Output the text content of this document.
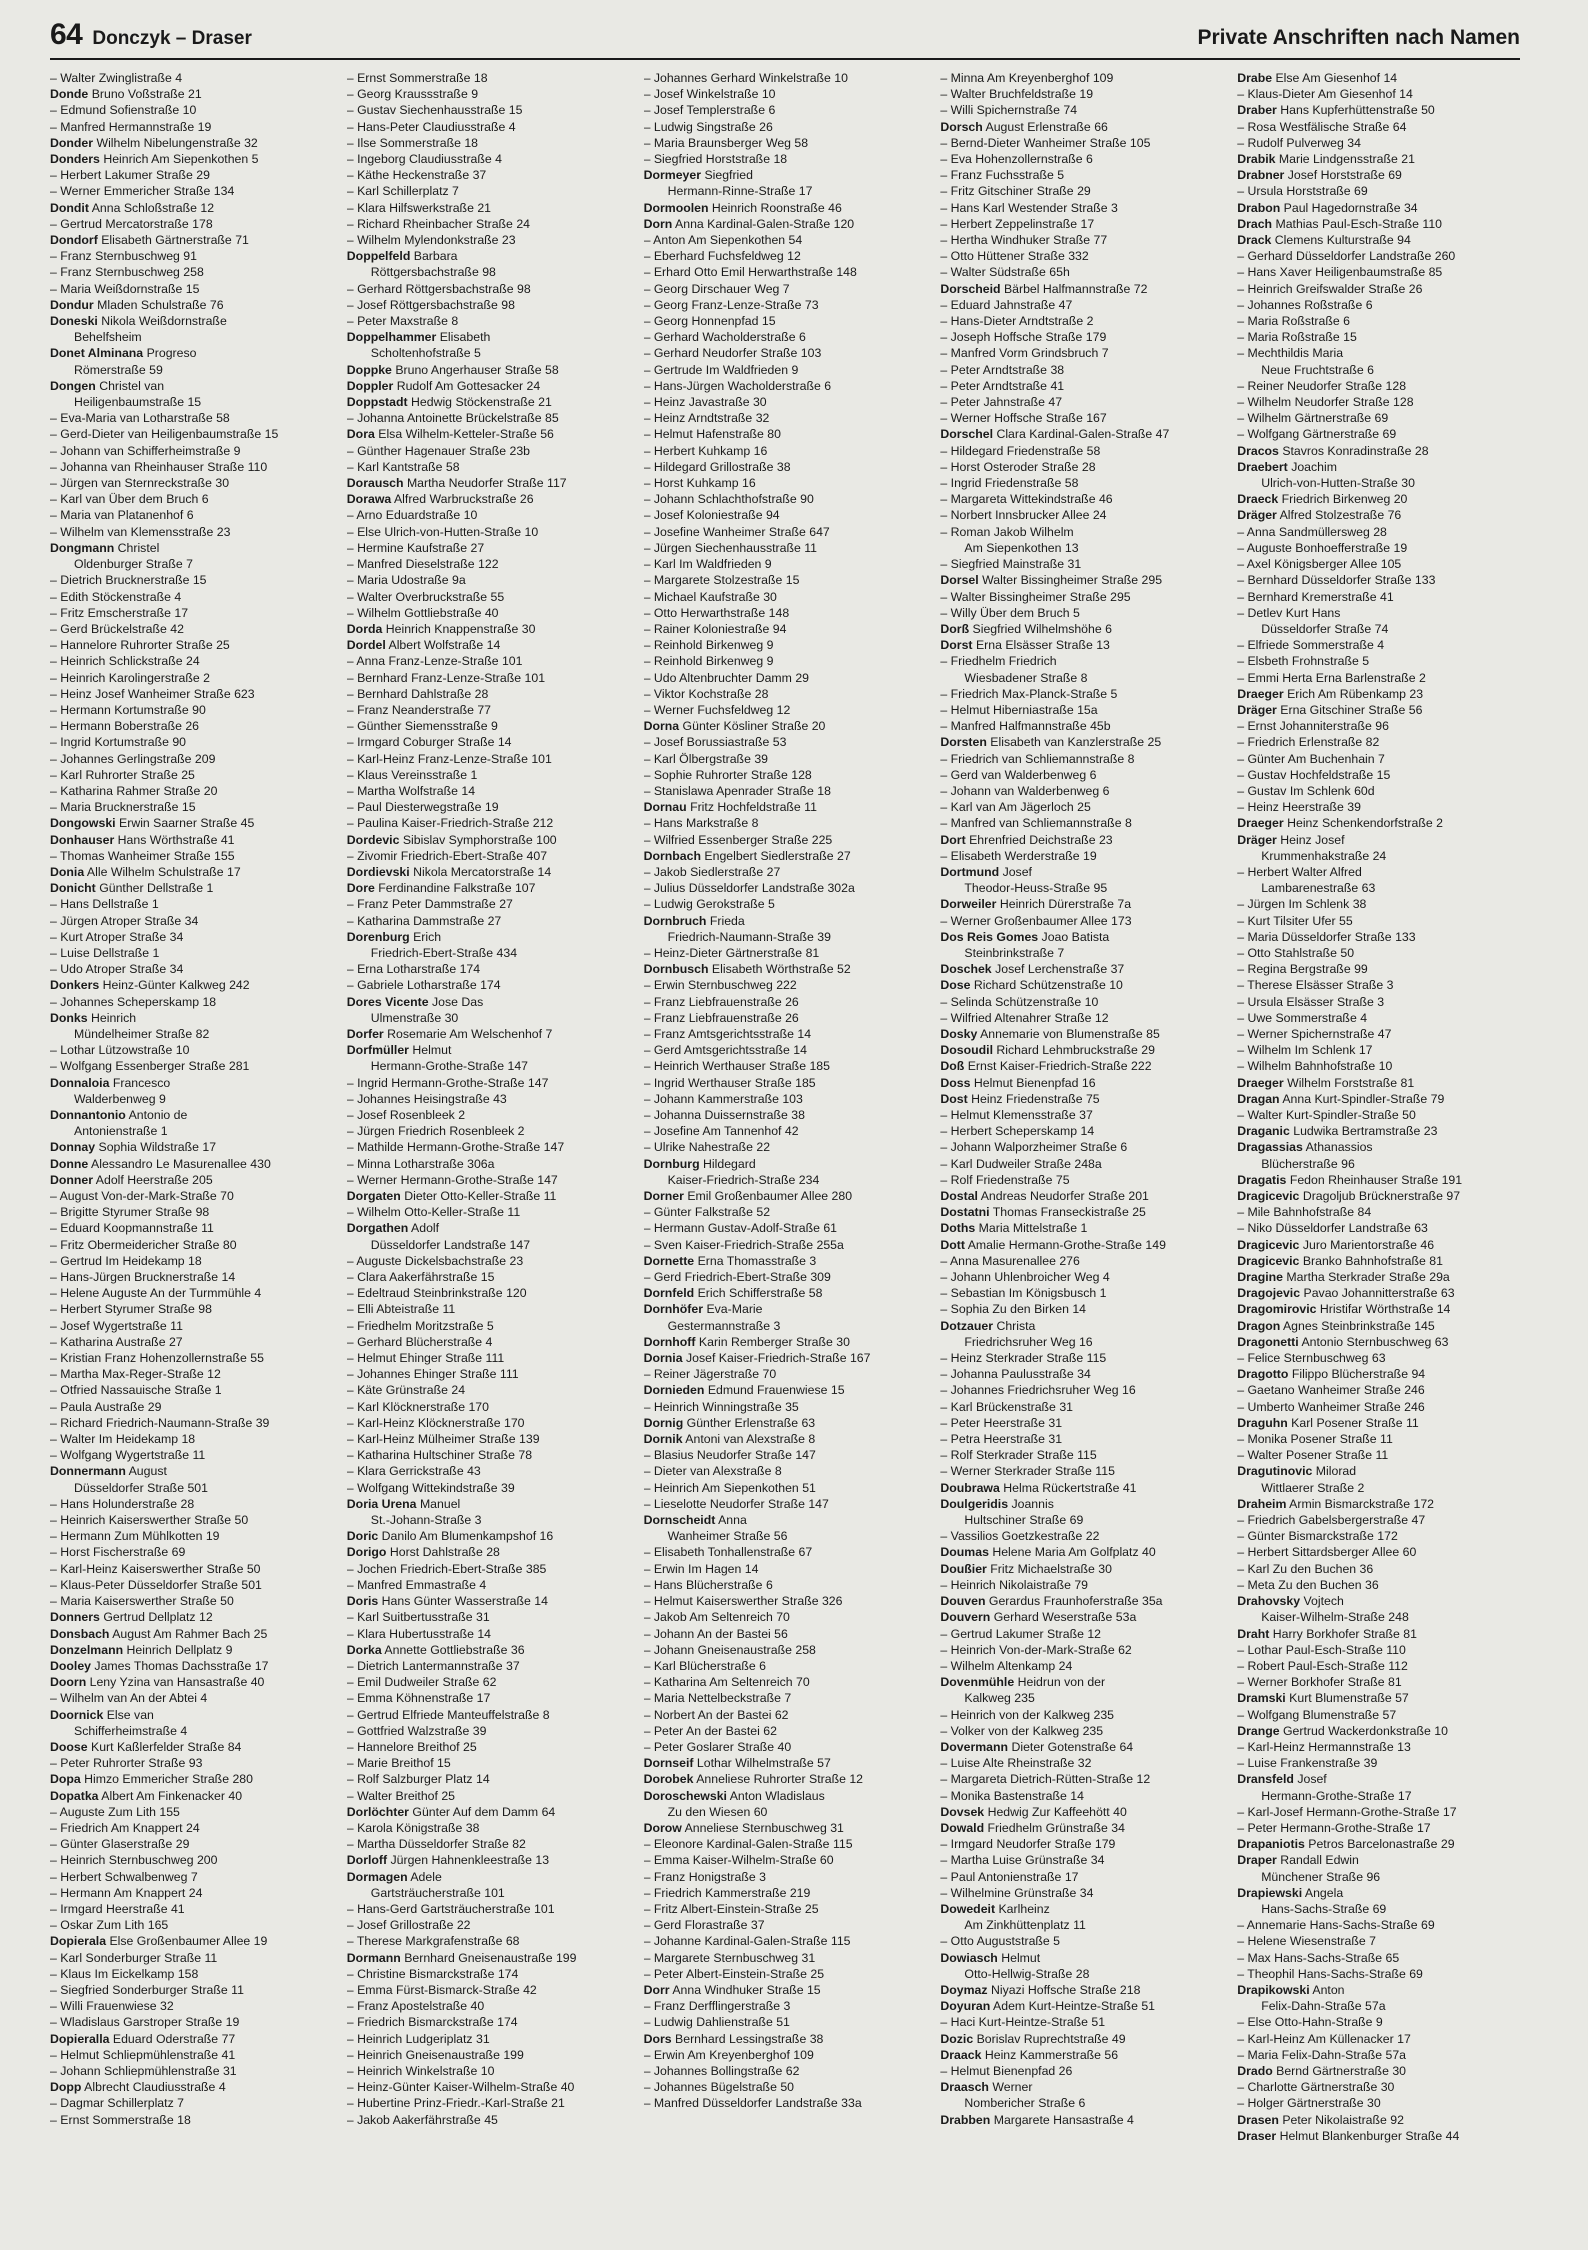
64 Donczyk – Draser	Private Anschriften nach Namen
– Walter Zwinglistraße 4
Donde Bruno Voßstraße 21
– Edmund Sofienstraße 10
– Manfred Hermannstraße 19
Donder Wilhelm Nibelungenstraße 32
Donders Heinrich Am Siepenkothen 5
– Herbert Lakumer Straße 29
– Werner Emmericher Straße 134
Dondit Anna Schloßstraße 12
– Gertrud Mercatorstraße 178
Dondorf Elisabeth Gärtnerstraße 71
– Franz Sternbuschweg 91
– Franz Sternbuschweg 258
– Maria Weißdornstraße 15
Dondur Mladen Schulstraße 76
Doneski Nikola Weißdornstraße
Behelfsheim
Donet Alminana Progreso
Römerstraße 59
Dongen Christel van
Heiligenbaumstraße 15
– Eva-Maria van Lotharstraße 58
– Gerd-Dieter van Heiligenbaumstraße 15
– Johann van Schifferheimstraße 9
– Johanna van Rheinhauser Straße 110
– Jürgen van Sternreckstraße 30
– Karl van Über dem Bruch 6
– Maria van Platanenhof 6
– Wilhelm van Klemensstraße 23
Dongmann Christel
Oldenburger Straße 7
– Dietrich Brucknerstraße 15
– Edith Stöckenstraße 4
– Fritz Emscherstraße 17
– Gerd Brückelstraße 42
– Hannelore Ruhrorter Straße 25
– Heinrich Schlickstraße 24
– Heinrich Karolingerstraße 2
– Heinz Josef Wanheimer Straße 623
– Hermann Kortumstraße 90
– Hermann Boberstraße 26
– Ingrid Kortumstraße 90
– Johannes Gerlingstraße 209
– Karl Ruhrorter Straße 25
– Katharina Rahmer Straße 20
– Maria Brucknerstraße 15
Dongowski Erwin Saarner Straße 45
Donhauser Hans Wörthstraße 41
– Thomas Wanheimer Straße 155
Donia Alle Wilhelm Schulstraße 17
Donicht Günther Dellstraße 1
– Hans Dellstraße 1
– Jürgen Atroper Straße 34
– Kurt Atroper Straße 34
– Luise Dellstraße 1
– Udo Atroper Straße 34
Donkers Heinz-Günter Kalkweg 242
– Johannes Scheperskamp 18
Donks Heinrich
Mündelheimer Straße 82
– Lothar Lützowstraße 10
– Wolfgang Essenberger Straße 281
Donnaloia Francesco
Walderbenweg 9
Donnantonio Antonio de
Antonienstraße 1
Donnay Sophia Wildstraße 17
Donne Alessandro Le Masurenallee 430
Donner Adolf Heerstraße 205
– August Von-der-Mark-Straße 70
– Brigitte Styrumer Straße 98
– Eduard Koopmannstraße 11
– Fritz Obermeidericher Straße 80
– Gertrud Im Heidekamp 18
– Hans-Jürgen Brucknerstraße 14
– Helene Auguste An der Turmmühle 4
– Herbert Styrumer Straße 98
– Josef Wygertstraße 11
– Katharina Austraße 27
– Kristian Franz Hohenzollernstraße 55
– Martha Max-Reger-Straße 12
– Otfried Nassauische Straße 1
– Paula Austraße 29
– Richard Friedrich-Naumann-Straße 39
– Walter Im Heidekamp 18
– Wolfgang Wygertstraße 11
Donnermann August
Düsseldorfer Straße 501
– Hans Holunderstraße 28
– Heinrich Kaiserswerther Straße 50
– Hermann Zum Mühlkotten 19
– Horst Fischerstraße 69
– Karl-Heinz Kaiserswerther Straße 50
– Klaus-Peter Düsseldorfer Straße 501
– Maria Kaiserswerther Straße 50
Donners Gertrud Dellplatz 12
Donsbach August Am Rahmer Bach 25
Donzelmann Heinrich Dellplatz 9
Dooley James Thomas Dachsstraße 17
Doorn Leny Yzina van Hansastraße 40
– Wilhelm van An der Abtei 4
Doornick Else van
Schifferheimstraße 4
Doose Kurt Kaßlerfelder Straße 84
– Peter Ruhrorter Straße 93
Dopa Himzo Emmericher Straße 280
Dopatka Albert Am Finkenacker 40
– Auguste Zum Lith 155
– Friedrich Am Knappert 24
– Günter Glaserstraße 29
– Heinrich Sternbuschweg 200
– Herbert Schwalbenweg 7
– Hermann Am Knappert 24
– Irmgard Heerstraße 41
– Oskar Zum Lith 165
Dopierala Else Großenbaumer Allee 19
– Karl Sonderburger Straße 11
– Klaus Im Eickelkamp 158
– Siegfried Sonderburger Straße 11
– Willi Frauenwiese 32
– Wladislaus Garstroper Straße 19
Dopieralla Eduard Oderstraße 77
– Helmut Schliepmühlenstraße 41
– Johann Schliepmühlenstraße 31
Dopp Albrecht Claudiusstraße 4
– Dagmar Schillerplatz 7
– Ernst Sommerstraße 18
– Ernst Sommerstraße 18
– Georg Kraussstraße 9
– Gustav Siechenhausstraße 15
– Hans-Peter Claudiusstraße 4
– Ilse Sommerstraße 18
– Ingeborg Claudiusstraße 4
– Käthe Heckenstraße 37
– Karl Schillerplatz 7
– Klara Hilfswerkstraße 21
– Richard Rheinbacher Straße 24
– Wilhelm Mylendonkstraße 23
Doppelfeld Barbara
Röttgersbachstraße 98
– Gerhard Röttgersbachstraße 98
– Josef Röttgersbachstraße 98
– Peter Maxstraße 8
Doppelhammer Elisabeth
Scholtenhofstraße 5
Doppke Bruno Angerhauser Straße 58
Doppler Rudolf Am Gottesacker 24
Doppstadt Hedwig Stöckenstraße 21
– Johanna Antoinette Brückelstraße 85
Dora Elsa Wilhelm-Ketteler-Straße 56
– Günther Hagenauer Straße 23b
– Karl Kantstraße 58
Dorausch Martha Neudorfer Straße 117
Dorawa Alfred Warbruckstraße 26
– Arno Eduardstraße 10
– Else Ulrich-von-Hutten-Straße 10
– Hermine Kaufstraße 27
– Manfred Dieselstraße 122
– Maria Udostraße 9a
– Walter Overbruckstraße 55
– Wilhelm Gottliebstraße 40
Dorda Heinrich Knappenstraße 30
Dordel Albert Wolfstraße 14
– Anna Franz-Lenze-Straße 101
– Bernhard Franz-Lenze-Straße 101
– Bernhard Dahlstraße 28
– Franz Neanderstraße 77
– Günther Siemensstraße 9
– Irmgard Coburger Straße 14
– Karl-Heinz Franz-Lenze-Straße 101
– Klaus Vereinsstraße 1
– Martha Wolfstraße 14
– Paul Diesterwegstraße 19
– Paulina Kaiser-Friedrich-Straße 212
Dordevic Sibislav Symphorstraße 100
– Zivomir Friedrich-Ebert-Straße 407
Dordievski Nikola Mercatorstraße 14
Dore Ferdinandine Falkstraße 107
– Franz Peter Dammstraße 27
– Katharina Dammstraße 27
Dorenburg Erich
Friedrich-Ebert-Straße 434
– Erna Lotharstraße 174
– Gabriele Lotharstraße 174
Dores Vicente Jose Das
Ulmenstraße 30
Dorfer Rosemarie Am Welschenhof 7
Dorfmüller Helmut
Hermann-Grothe-Straße 147
– Ingrid Hermann-Grothe-Straße 147
– Johannes Heisingstraße 43
– Josef Rosenbleek 2
– Jürgen Friedrich Rosenbleek 2
– Mathilde Hermann-Grothe-Straße 147
– Minna Lotharstraße 306a
– Werner Hermann-Grothe-Straße 147
Dorgaten Dieter Otto-Keller-Straße 11
– Wilhelm Otto-Keller-Straße 11
Dorgathen Adolf
Düsseldorfer Landstraße 147
– Auguste Dickelsbachstraße 23
– Clara Aakerfährstraße 15
– Edeltraud Steinbrinkstraße 120
– Elli Abteistraße 11
– Friedhelm Moritzstraße 5
– Gerhard Blücherstraße 4
– Helmut Ehinger Straße 111
– Johannes Ehinger Straße 111
– Käte Grünstraße 24
– Karl Klöcknerstraße 170
– Karl-Heinz Klöcknerstraße 170
– Karl-Heinz Mülheimer Straße 139
– Katharina Hultschiner Straße 78
– Klara Gerrickstraße 43
– Wolfgang Wittekindstraße 39
Doria Urena Manuel
St.-Johann-Straße 3
Doric Danilo Am Blumenkampshof 16
Dorigo Horst Dahlstraße 28
– Jochen Friedrich-Ebert-Straße 385
– Manfred Emmastraße 4
Doris Hans Günter Wasserstraße 14
– Karl Suitbertusstraße 31
– Klara Hubertusstraße 14
Dorka Annette Gottliebstraße 36
– Dietrich Lantermannstraße 37
– Emil Dudweiler Straße 62
– Emma Köhnenstraße 17
– Gertrud Elfriede Manteuffelstraße 8
– Gottfried Walzstraße 39
– Hannelore Breithof 25
– Marie Breithof 15
– Rolf Salzburger Platz 14
– Walter Breithof 25
Dorlöchter Günter Auf dem Damm 64
– Karola Königstraße 38
– Martha Düsseldorfer Straße 82
Dorloff Jürgen Hahnenkleestraße 13
Dormagen Adele
Gartsträucherstraße 101
– Hans-Gerd Gartsträucherstraße 101
– Josef Grillostraße 22
– Therese Markgrafenstraße 68
Dormann Bernhard Gneisenaustraße 199
– Christine Bismarckstraße 174
– Emma Fürst-Bismarck-Straße 42
– Franz Apostelstraße 40
– Friedrich Bismarckstraße 174
– Heinrich Ludgeriplatz 31
– Heinrich Gneisenaustraße 199
– Heinrich Winkelstraße 10
– Heinz-Günter Kaiser-Wilhelm-Straße 40
– Hubertine Prinz-Friedr.-Karl-Straße 21
– Jakob Aakerfährstraße 45
– Johannes Gerhard Winkelstraße 10
– Josef Winkelstraße 10
– Josef Templerstraße 6
– Ludwig Singstraße 26
– Maria Braunsberger Weg 58
– Siegfried Horststraße 18
Dormeyer Siegfried
Hermann-Rinne-Straße 17
Dormoolen Heinrich Roonstraße 46
Dorn Anna Kardinal-Galen-Straße 120
– Anton Am Siepenkothen 54
– Eberhard Fuchsfeldweg 12
– Erhard Otto Emil Herwarthstraße 148
– Georg Dirschauer Weg 7
– Georg Franz-Lenze-Straße 73
– Georg Honnenpfad 15
– Gerhard Wacholderstraße 6
– Gerhard Neudorfer Straße 103
– Gertrude Im Waldfrieden 9
– Hans-Jürgen Wacholderstraße 6
– Heinz Javastraße 30
– Heinz Arndtstraße 32
– Helmut Hafenstraße 80
– Herbert Kuhkamp 16
– Hildegard Grillostraße 38
– Horst Kuhkamp 16
– Johann Schlachthofstraße 90
– Josef Koloniestraße 94
– Josefine Wanheimer Straße 647
– Jürgen Siechenhausstraße 11
– Karl Im Waldfrieden 9
– Margarete Stolzestraße 15
– Michael Kaufstraße 30
– Otto Herwarthstraße 148
– Rainer Koloniestraße 94
– Reinhold Birkenweg 9
– Reinhold Birkenweg 9
– Udo Altenbruchter Damm 29
– Viktor Kochstraße 28
– Werner Fuchsfeldweg 12
Dorna Günter Kösliner Straße 20
– Josef Borussiastraße 53
– Karl Ölbergstraße 39
– Sophie Ruhrorter Straße 128
– Stanislawa Apenrader Straße 18
Dornau Fritz Hochfeldstraße 11
– Hans Markstraße 8
– Wilfried Essenberger Straße 225
Dornbach Engelbert Siedlerstraße 27
– Jakob Siedlerstraße 27
– Julius Düsseldorfer Landstraße 302a
– Ludwig Gerokstraße 5
Dornbruch Frieda
Friedrich-Naumann-Straße 39
– Heinz-Dieter Gärtnerstraße 81
Dornbusch Elisabeth Wörthstraße 52
– Erwin Sternbuschweg 222
– Franz Liebfrauenstraße 26
– Franz Liebfrauenstraße 26
– Franz Amtsgerichtsstraße 14
– Gerd Amtsgerichtsstraße 14
– Heinrich Werthauser Straße 185
– Ingrid Werthauser Straße 185
– Johann Kammerstraße 103
– Johanna Duissernstraße 38
– Josefine Am Tannenhof 42
– Ulrike Nahestraße 22
Dornburg Hildegard
Kaiser-Friedrich-Straße 234
Dorner Emil Großenbaumer Allee 280
– Günter Falkstraße 52
– Hermann Gustav-Adolf-Straße 61
– Sven Kaiser-Friedrich-Straße 255a
Dornette Erna Thomasstraße 3
– Gerd Friedrich-Ebert-Straße 309
Dornfeld Erich Schifferstraße 58
Dornhöfer Eva-Marie
Gestermannstraße 3
Dornhoff Karin Remberger Straße 30
Dornia Josef Kaiser-Friedrich-Straße 167
– Reiner Jägerstraße 70
Dornieden Edmund Frauenwiese 15
– Heinrich Winningstraße 35
Dornig Günther Erlenstraße 63
Dornik Antoni van Alexstraße 8
– Blasius Neudorfer Straße 147
– Dieter van Alexstraße 8
– Heinrich Am Siepenkothen 51
– Lieselotte Neudorfer Straße 147
Dornscheidt Anna
Wanheimer Straße 56
– Elisabeth Tonhallenstraße 67
– Erwin Im Hagen 14
– Hans Blücherstraße 6
– Helmut Kaiserswerther Straße 326
– Jakob Am Seltenreich 70
– Johann An der Bastei 56
– Johann Gneisenaustraße 258
– Karl Blücherstraße 6
– Katharina Am Seltenreich 70
– Maria Nettelbeckstraße 7
– Norbert An der Bastei 62
– Peter An der Bastei 62
– Peter Goslarer Straße 40
Dornseif Lothar Wilhelmstraße 57
Dorobek Anneliese Ruhrorter Straße 12
Doroschewski Anton Wladislaus
Zu den Wiesen 60
Dorow Anneliese Sternbuschweg 31
– Eleonore Kardinal-Galen-Straße 115
– Emma Kaiser-Wilhelm-Straße 60
– Franz Honigstraße 3
– Friedrich Kammerstraße 219
– Fritz Albert-Einstein-Straße 25
– Gerd Florastraße 37
– Johanne Kardinal-Galen-Straße 115
– Margarete Sternbuschweg 31
– Peter Albert-Einstein-Straße 25
Dorr Anna Windhuker Straße 15
– Franz Derfflingerstraße 3
– Ludwig Dahlienstraße 51
Dors Bernhard Lessingstraße 38
– Erwin Am Kreyenberghof 109
– Johannes Bollingstraße 62
– Johannes Bügelstraße 50
– Manfred Düsseldorfer Landstraße 33a
– Minna Am Kreyenberghof 109
– Walter Bruchfeldstraße 19
– Willi Spichernstraße 74
Dorsch August Erlenstraße 66
– Bernd-Dieter Wanheimer Straße 105
– Eva Hohenzollernstraße 6
– Franz Fuchsstraße 5
– Fritz Gitschiner Straße 29
– Hans Karl Westender Straße 3
– Herbert Zeppelinstraße 17
– Hertha Windhuker Straße 77
– Otto Hüttener Straße 332
– Walter Südstraße 65h
Dorscheid Bärbel Halfmannstraße 72
– Eduard Jahnstraße 47
– Hans-Dieter Arndtstraße 2
– Joseph Hoffsche Straße 179
– Manfred Vorm Grindsbruch 7
– Peter Arndtstraße 38
– Peter Arndtstraße 41
– Peter Jahnstraße 47
– Werner Hoffsche Straße 167
Dorschel Clara Kardinal-Galen-Straße 47
– Hildegard Friedenstraße 58
– Horst Osteroder Straße 28
– Ingrid Friedenstraße 58
– Margareta Wittekindstraße 46
– Norbert Innsbrucker Allee 24
– Roman Jakob Wilhelm
Am Siepenkothen 13
– Siegfried Mainstraße 31
Dorsel Walter Bissingheimer Straße 295
– Walter Bissingheimer Straße 295
– Willy Über dem Bruch 5
Dorß Siegfried Wilhelmshöhe 6
Dorst Erna Elsässer Straße 13
– Friedhelm Friedrich
Wiesbadener Straße 8
– Friedrich Max-Planck-Straße 5
– Helmut Hiberniastraße 15a
– Manfred Halfmannstraße 45b
Dorsten Elisabeth van Kanzlerstraße 25
– Friedrich van Schliemannstraße 8
– Gerd van Walderbenweg 6
– Johann van Walderbenweg 6
– Karl van Am Jägerloch 25
– Manfred van Schliemannstraße 8
Dort Ehrenfried Deichstraße 23
– Elisabeth Werderstraße 19
Dortmund Josef
Theodor-Heuss-Straße 95
Dorweiler Heinrich Dürerstraße 7a
– Werner Großenbaumer Allee 173
Dos Reis Gomes Joao Batista
Steinbrinkstraße 7
Doschek Josef Lerchenstraße 37
Dose Richard Schützenstraße 10
– Selinda Schützenstraße 10
– Wilfried Altenahrer Straße 12
Dosky Annemarie von Blumenstraße 85
Dosoudil Richard Lehmbruckstraße 29
Doß Ernst Kaiser-Friedrich-Straße 222
Doss Helmut Bienenpfad 16
Dost Heinz Friedenstraße 75
– Helmut Klemensstraße 37
– Herbert Scheperskamp 14
– Johann Walporzheimer Straße 6
– Karl Dudweiler Straße 248a
– Rolf Friedenstraße 75
Dostal Andreas Neudorfer Straße 201
Dostatni Thomas Franseckistraße 25
Doths Maria Mittelstraße 1
Dott Amalie Hermann-Grothe-Straße 149
– Anna Masurenallee 276
– Johann Uhlenbroicher Weg 4
– Sebastian Im Königsbusch 1
– Sophia Zu den Birken 14
Dotzauer Christa
Friedrichsruher Weg 16
– Heinz Sterkrader Straße 115
– Johanna Paulusstraße 34
– Johannes Friedrichsruher Weg 16
– Karl Brückenstraße 31
– Peter Heerstraße 31
– Petra Heerstraße 31
– Rolf Sterkrader Straße 115
– Werner Sterkrader Straße 115
Doubrawa Helma Rückertstraße 41
Doulgeridis Joannis
Hultschiner Straße 69
– Vassilios Goetzkestraße 22
Doumas Helene Maria Am Golfplatz 40
Doußier Fritz Michaelstraße 30
– Heinrich Nikolaistraße 79
Douven Gerardus Fraunhoferstraße 35a
Douvern Gerhard Weserstraße 53a
– Gertrud Lakumer Straße 12
– Heinrich Von-der-Mark-Straße 62
– Wilhelm Altenkamp 24
Dovenmühle Heidrun von der
Kalkweg 235
– Heinrich von der Kalkweg 235
– Volker von der Kalkweg 235
Dovermann Dieter Gotenstraße 64
– Luise Alte Rheinstraße 32
– Margareta Dietrich-Rütten-Straße 12
– Monika Bastenstraße 14
Dovsek Hedwig Zur Kaffeehött 40
Dowald Friedhelm Grünstraße 34
– Irmgard Neudorfer Straße 179
– Martha Luise Grünstraße 34
– Paul Antonienstraße 17
– Wilhelmine Grünstraße 34
Dowedeit Karlheinz
Am Zinkhüttenplatz 11
– Otto Auguststraße 5
Dowiasch Helmut
Otto-Hellwig-Straße 28
Doymaz Niyazi Hoffsche Straße 218
Doyuran Adem Kurt-Heintze-Straße 51
– Haci Kurt-Heintze-Straße 51
Dozic Borislav Ruprechtstraße 49
Draack Heinz Kammerstraße 56
– Helmut Bienenpfad 26
Draasch Werner
Nombericher Straße 6
Drabben Margarete Hansastraße 4
Drabe Else Am Giesenhof 14
– Klaus-Dieter Am Giesenhof 14
Draber Hans Kupferhüttenstraße 50
– Rosa Westfälische Straße 64
– Rudolf Pulverweg 34
Drabik Marie Lindgensstraße 21
Drabner Josef Horststraße 69
– Ursula Horststraße 69
Drabon Paul Hagedornstraße 34
Drach Mathias Paul-Esch-Straße 110
Drack Clemens Kulturstraße 94
– Gerhard Düsseldorfer Landstraße 260
– Hans Xaver Heiligenbaumstraße 85
– Heinrich Greifswalder Straße 26
– Johannes Roßstraße 6
– Maria Roßstraße 6
– Maria Roßstraße 15
– Mechthildis Maria
Neue Fruchtstraße 6
– Reiner Neudorfer Straße 128
– Wilhelm Neudorfer Straße 128
– Wilhelm Gärtnerstraße 69
– Wolfgang Gärtnerstraße 69
Dracos Stavros Konradinstraße 28
Draebert Joachim
Ulrich-von-Hutten-Straße 30
Draeck Friedrich Birkenweg 20
Dräger Alfred Stolzestraße 76
– Anna Sandmüllersweg 28
– Auguste Bonhoefferstraße 19
– Axel Königsberger Allee 105
– Bernhard Düsseldorfer Straße 133
– Bernhard Kremerstraße 41
– Detlev Kurt Hans
Düsseldorfer Straße 74
– Elfriede Sommerstraße 4
– Elsbeth Frohnstraße 5
– Emmi Herta Erna Barlenstraße 2
Draeger Erich Am Rübenkamp 23
Dräger Erna Gitschiner Straße 56
– Ernst Johanniterstraße 96
– Friedrich Erlenstraße 82
– Günter Am Buchenhain 7
– Gustav Hochfeldstraße 15
– Gustav Im Schlenk 60d
– Heinz Heerstraße 39
Draeger Heinz Schenkendorfstraße 2
Dräger Heinz Josef
Krummenhakstraße 24
– Herbert Walter Alfred
Lambarenestraße 63
– Jürgen Im Schlenk 38
– Kurt Tilsiter Ufer 55
– Maria Düsseldorfer Straße 133
– Otto Stahlstraße 50
– Regina Bergstraße 99
– Therese Elsässer Straße 3
– Ursula Elsässer Straße 3
– Uwe Sommerstraße 4
– Werner Spichernstraße 47
– Wilhelm Im Schlenk 17
– Wilhelm Bahnhofstraße 10
Draeger Wilhelm Forststraße 81
Dragan Anna Kurt-Spindler-Straße 79
– Walter Kurt-Spindler-Straße 50
Draganic Ludwika Bertramstraße 23
Dragassias Athanassios
Blücherstraße 96
Dragatis Fedon Rheinhauser Straße 191
Dragicevic Dragoljub Brücknerstraße 97
– Mile Bahnhofstraße 84
– Niko Düsseldorfer Landstraße 63
Dragicevic Juro Marientorstraße 46
Dragicevic Branko Bahnhofstraße 81
Dragine Martha Sterkrader Straße 29a
Dragojevic Pavao Johannitterstraße 63
Dragomirovic Hristifar Wörthstraße 14
Dragon Agnes Steinbrinkstraße 145
Dragonetti Antonio Sternbuschweg 63
– Felice Sternbuschweg 63
Dragotto Filippo Blücherstraße 94
– Gaetano Wanheimer Straße 246
– Umberto Wanheimer Straße 246
Draguhn Karl Posener Straße 11
– Monika Posener Straße 11
– Walter Posener Straße 11
Dragutinovic Milorad
Wittlaerer Straße 2
Draheim Armin Bismarckstraße 172
– Friedrich Gabelsbergerstraße 47
– Günter Bismarckstraße 172
– Herbert Sittardsberger Allee 60
– Karl Zu den Buchen 36
– Meta Zu den Buchen 36
Drahovsky Vojtech
Kaiser-Wilhelm-Straße 248
Draht Harry Borkhofer Straße 81
– Lothar Paul-Esch-Straße 110
– Robert Paul-Esch-Straße 112
– Werner Borkhofer Straße 81
Dramski Kurt Blumenstraße 57
– Wolfgang Blumenstraße 57
Drange Gertrud Wackerdonkstraße 10
– Karl-Heinz Hermannstraße 13
– Luise Frankenstraße 39
Dransfeld Josef
Hermann-Grothe-Straße 17
– Karl-Josef Hermann-Grothe-Straße 17
– Peter Hermann-Grothe-Straße 17
Drapaniotis Petros Barcelonastraße 29
Draper Randall Edwin
Münchener Straße 96
Drapiewski Angela
Hans-Sachs-Straße 69
– Annemarie Hans-Sachs-Straße 69
– Helene Wiesenstraße 7
– Max Hans-Sachs-Straße 65
– Theophil Hans-Sachs-Straße 69
Drapikowski Anton
Felix-Dahn-Straße 57a
– Else Otto-Hahn-Straße 9
– Karl-Heinz Am Küllenacker 17
– Maria Felix-Dahn-Straße 57a
Drado Bernd Gärtnerstraße 30
– Charlotte Gärtnerstraße 30
– Holger Gärtnerstraße 30
Drasen Peter Nikolaistraße 92
Draser Helmut Blankenburger Straße 44
